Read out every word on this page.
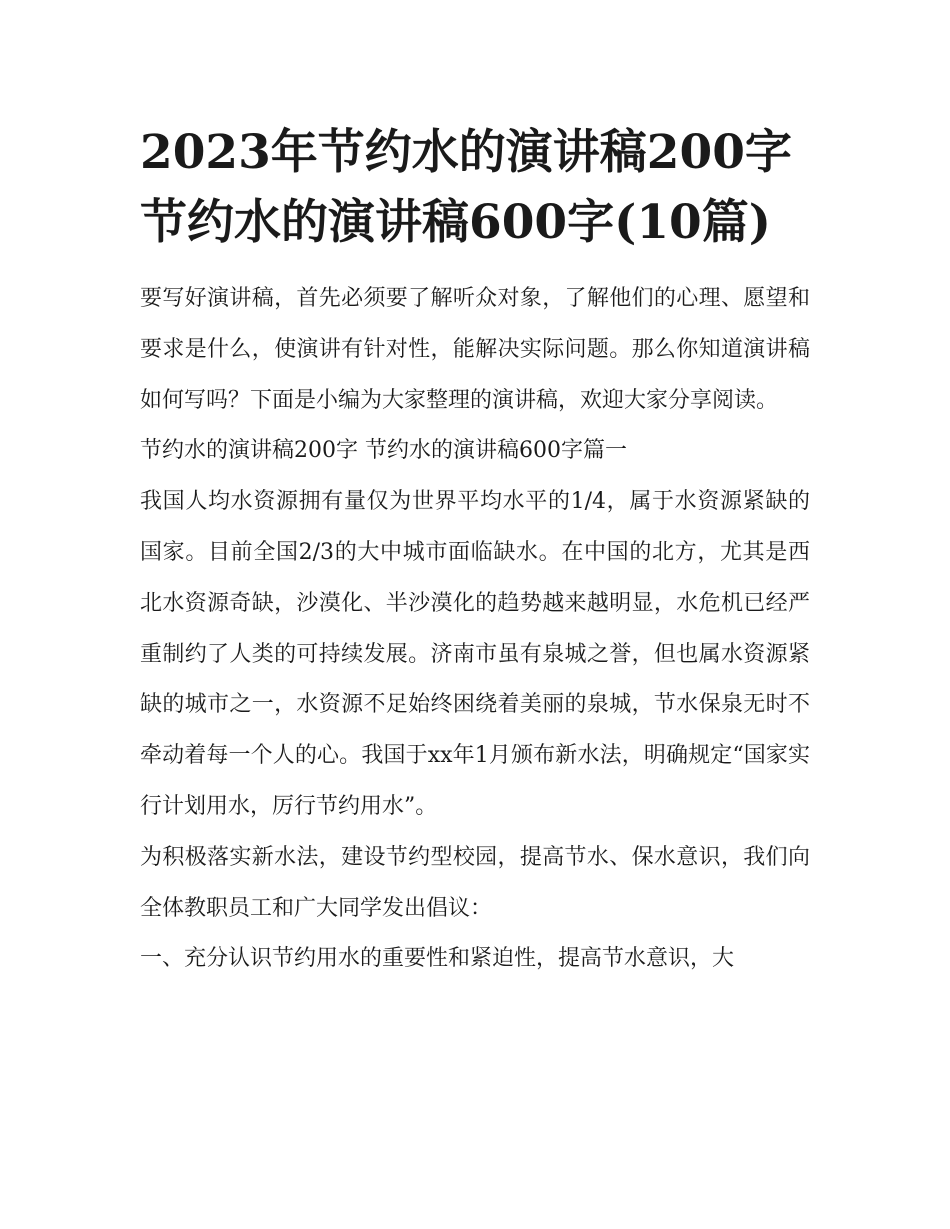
2023年节约水的演讲稿200字
节约水的演讲稿600字(10篇)

要写好演讲稿，首先必须要了解听众对象，了解他们的心理、愿望和要求是什么，使演讲有针对性，能解决实际问题。那么你知道演讲稿如何写吗？下面是小编为大家整理的演讲稿，欢迎大家分享阅读。

节约水的演讲稿200字 节约水的演讲稿600字篇一

我国人均水资源拥有量仅为世界平均水平的1/4，属于水资源紧缺的国家。目前全国2/3的大中城市面临缺水。在中国的北方，尤其是西北水资源奇缺，沙漠化、半沙漠化的趋势越来越明显，水危机已经严重制约了人类的可持续发展。济南市虽有泉城之誉，但也属水资源紧缺的城市之一，水资源不足始终困绕着美丽的泉城，节水保泉无时不牵动着每一个人的心。我国于xx年1月颁布新水法，明确规定“国家实行计划用水，厉行节约用水”。

为积极落实新水法，建设节约型校园，提高节水、保水意识，我们向全体教职员工和广大同学发出倡议：

一、充分认识节约用水的重要性和紧迫性，提高节水意识，大
